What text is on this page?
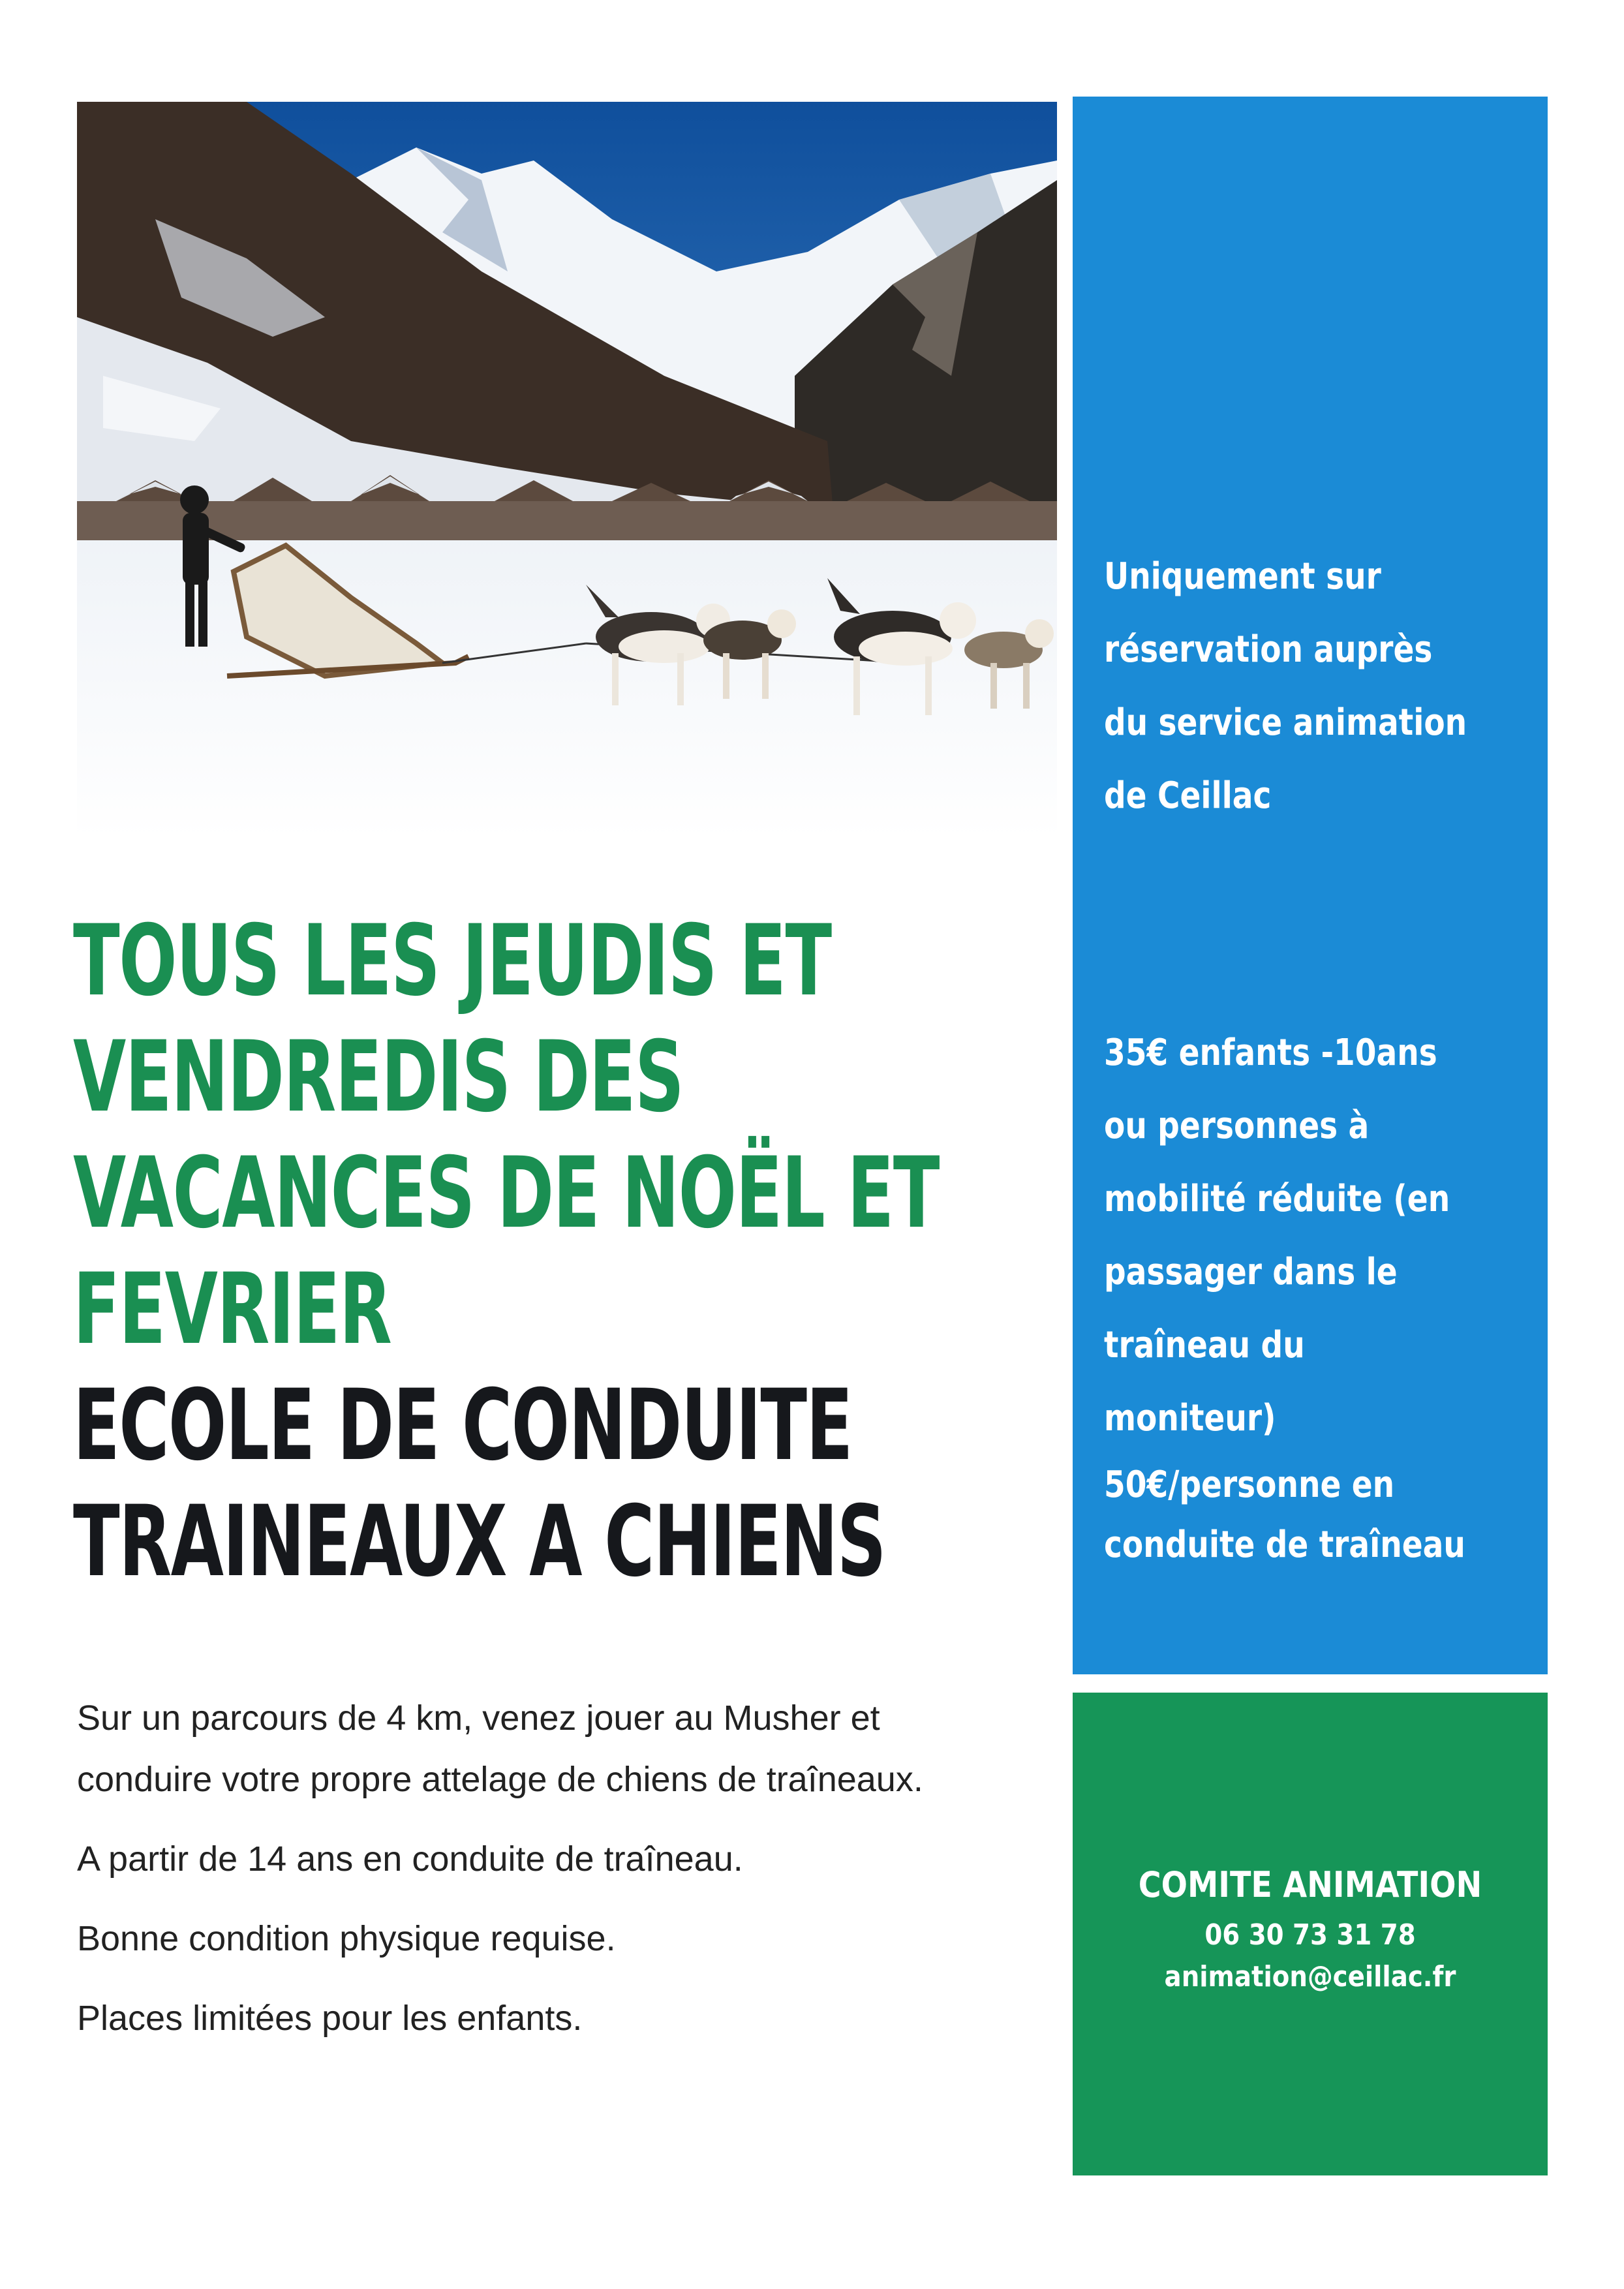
TOUS LES JEUDIS ET
VENDREDIS DES
VACANCES DE NOËL ET
FEVRIER
ECOLE DE CONDUITE
TRAINEAUX A CHIENS

Sur un parcours de 4 km, venez jouer au Musher et

conduire votre propre attelage de chiens de traîneaux.

A partir de 14 ans en conduite de traîneau.

Bonne condition physique requise.

Places limitées pour les enfants.

Uniquement sur

réservation auprès

du service animation

de Ceillac

35€ enfants -10ans

ou personnes à

mobilité réduite (en

passager dans le

traîneau du

moniteur)

50€/personne en

conduite de traîneau

COMITE ANIMATION
06 30 73 31 78
animation@ceillac.fr
